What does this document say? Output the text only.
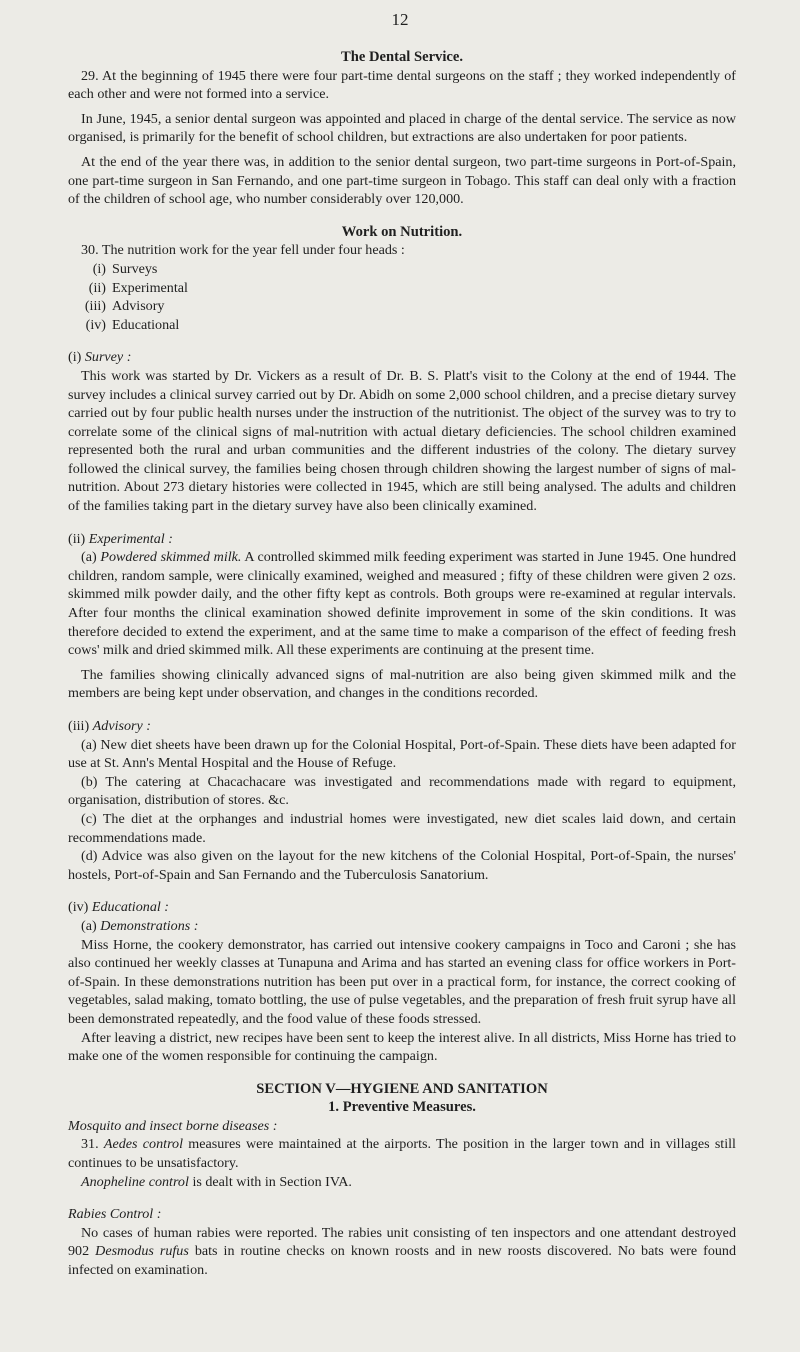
12

The Dental Service.

29. At the beginning of 1945 there were four part-time dental surgeons on the staff ; they worked independently of each other and were not formed into a service.

In June, 1945, a senior dental surgeon was appointed and placed in charge of the dental service. The service as now organised, is primarily for the benefit of school children, but extractions are also undertaken for poor patients.

At the end of the year there was, in addition to the senior dental surgeon, two part-time surgeons in Port-of-Spain, one part-time surgeon in San Fernando, and one part-time surgeon in Tobago. This staff can deal only with a fraction of the children of school age, who number considerably over 120,000.

Work on Nutrition.

30. The nutrition work for the year fell under four heads :

(i) Surveys
(ii) Experimental
(iii) Advisory
(iv) Educational

(i) Survey :

This work was started by Dr. Vickers as a result of Dr. B. S. Platt's visit to the Colony at the end of 1944. The survey includes a clinical survey carried out by Dr. Abidh on some 2,000 school children, and a precise dietary survey carried out by four public health nurses under the instruction of the nutritionist. The object of the survey was to try to correlate some of the clinical signs of mal-nutrition with actual dietary deficiencies. The school children examined represented both the rural and urban communities and the different industries of the colony. The dietary survey followed the clinical survey, the families being chosen through children showing the largest number of signs of mal-nutrition. About 273 dietary histories were collected in 1945, which are still being analysed. The adults and children of the families taking part in the dietary survey have also been clinically examined.

(ii) Experimental :

(a) Powdered skimmed milk. A controlled skimmed milk feeding experiment was started in June 1945. One hundred children, random sample, were clinically examined, weighed and measured ; fifty of these children were given 2 ozs. skimmed milk powder daily, and the other fifty kept as controls. Both groups were re-examined at regular intervals. After four months the clinical examination showed definite improvement in some of the skin conditions. It was therefore decided to extend the experiment, and at the same time to make a comparison of the effect of feeding fresh cows' milk and dried skimmed milk. All these experiments are continuing at the present time.

The families showing clinically advanced signs of mal-nutrition are also being given skimmed milk and the members are being kept under observation, and changes in the conditions recorded.

(iii) Advisory :

(a) New diet sheets have been drawn up for the Colonial Hospital, Port-of-Spain. These diets have been adapted for use at St. Ann's Mental Hospital and the House of Refuge.

(b) The catering at Chacachacare was investigated and recommendations made with regard to equipment, organisation, distribution of stores. &c.

(c) The diet at the orphanges and industrial homes were investigated, new diet scales laid down, and certain recommendations made.

(d) Advice was also given on the layout for the new kitchens of the Colonial Hospital, Port-of-Spain, the nurses' hostels, Port-of-Spain and San Fernando and the Tuberculosis Sanatorium.

(iv) Educational :

(a) Demonstrations :

Miss Horne, the cookery demonstrator, has carried out intensive cookery campaigns in Toco and Caroni ; she has also continued her weekly classes at Tunapuna and Arima and has started an evening class for office workers in Port-of-Spain. In these demonstrations nutrition has been put over in a practical form, for instance, the correct cooking of vegetables, salad making, tomato bottling, the use of pulse vegetables, and the preparation of fresh fruit syrup have all been demonstrated repeatedly, and the food value of these foods stressed.

After leaving a district, new recipes have been sent to keep the interest alive. In all districts, Miss Horne has tried to make one of the women responsible for continuing the campaign.

SECTION V—HYGIENE AND SANITATION

1. Preventive Measures.

Mosquito and insect borne diseases :

31. Aedes control measures were maintained at the airports. The position in the larger town and in villages still continues to be unsatisfactory.

Anopheline control is dealt with in Section IVA.

Rabies Control :

No cases of human rabies were reported. The rabies unit consisting of ten inspectors and one attendant destroyed 902 Desmodus rufus bats in routine checks on known roosts and in new roosts discovered. No bats were found infected on examination.
